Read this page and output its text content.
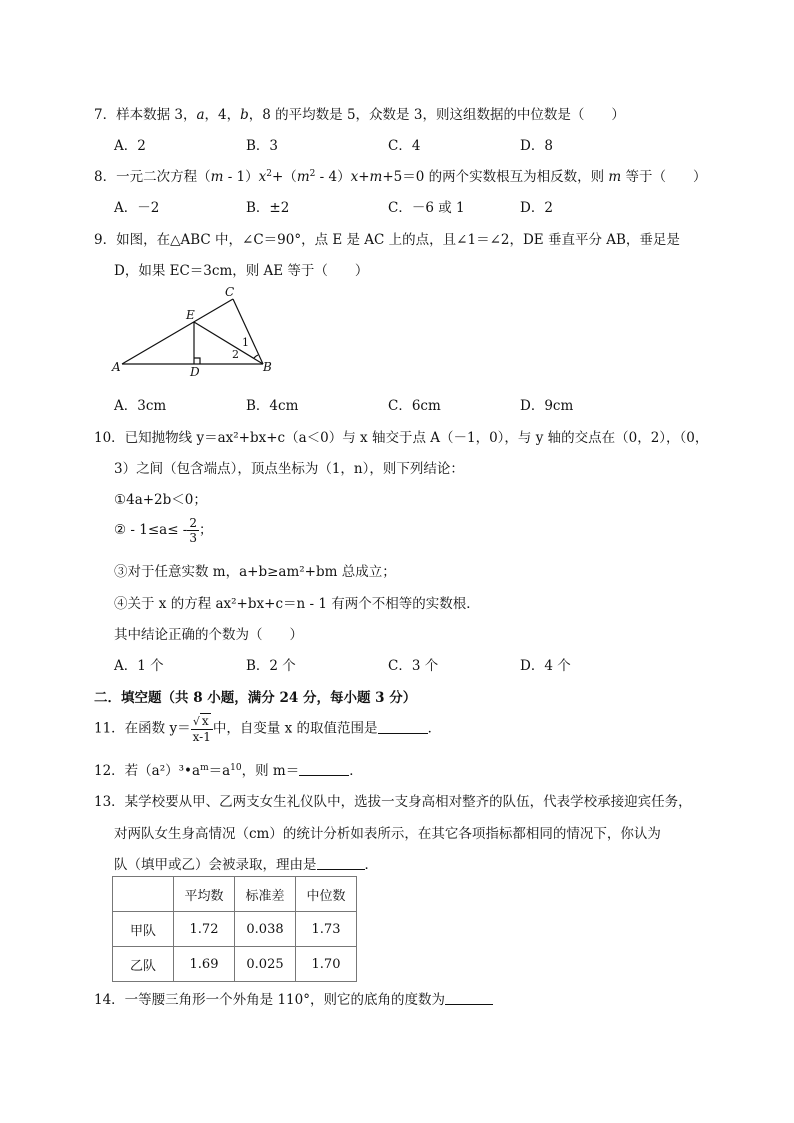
7．样本数据 3，a，4，b，8 的平均数是 5，众数是 3，则这组数据的中位数是（　　）
A．2	B．3	C．4	D．8
8．一元二次方程$(m - 1)x^2+(m^2 - 4)x+m+5=0$ 的两个实数根互为相反数，则 m 等于（　　）
A．－2	B．±2	C．－6 或 1	D．2
9．如图，在△ABC 中，∠C＝90°，点 E 是 AC 上的点，且∠1＝∠2，DE 垂直平分 AB，垂足是
D，如果 EC＝3cm，则 AE 等于（　　）
C
E
A	D	B
1
2
A．3cm	B．4cm	C．6cm	D．9cm
10．已知抛物线 y＝ax²+bx+c（a＜0）与 x 轴交于点 A（－1，0），与 y 轴的交点在（0，2），（0，
3）之间（包含端点），顶点坐标为（1，n），则下列结论：
①4a+2b＜0；
② - $1\le a\le - \frac{2}{3}$ ；
③对于任意实数 m，a+b≥am²+bm 总成立；
④关于 x 的方程 ax²+bx+c＝n - 1 有两个不相等的实数根．
其中结论正确的个数为（　　）
A．1 个	B．2 个	C．3 个	D．4 个
二．填空题（共 8 小题，满分 24 分，每小题 3 分）
11．在函数 $y= \frac{√ x}{x-1}$ 中，自变量 x 的取值范围是	．
12．若$(a^2)^3•a^m=a^{10}$，则 m＝	．
13．某学校要从甲、乙两支女生礼仪队中，选拔一支身高相对整齐的队伍，代表学校承接迎宾任务，
对两队女生身高情况（cm）的统计分析如表所示，在其它各项指标都相同的情况下，你认为
队（填甲或乙）会被录取，理由是	．
	平均数	标准差	中位数
甲队	1.72	0.038	1.73
乙队	1.69	0.025	1.70
14．一等腰三角形一个外角是 110°，则它的底角的度数为
